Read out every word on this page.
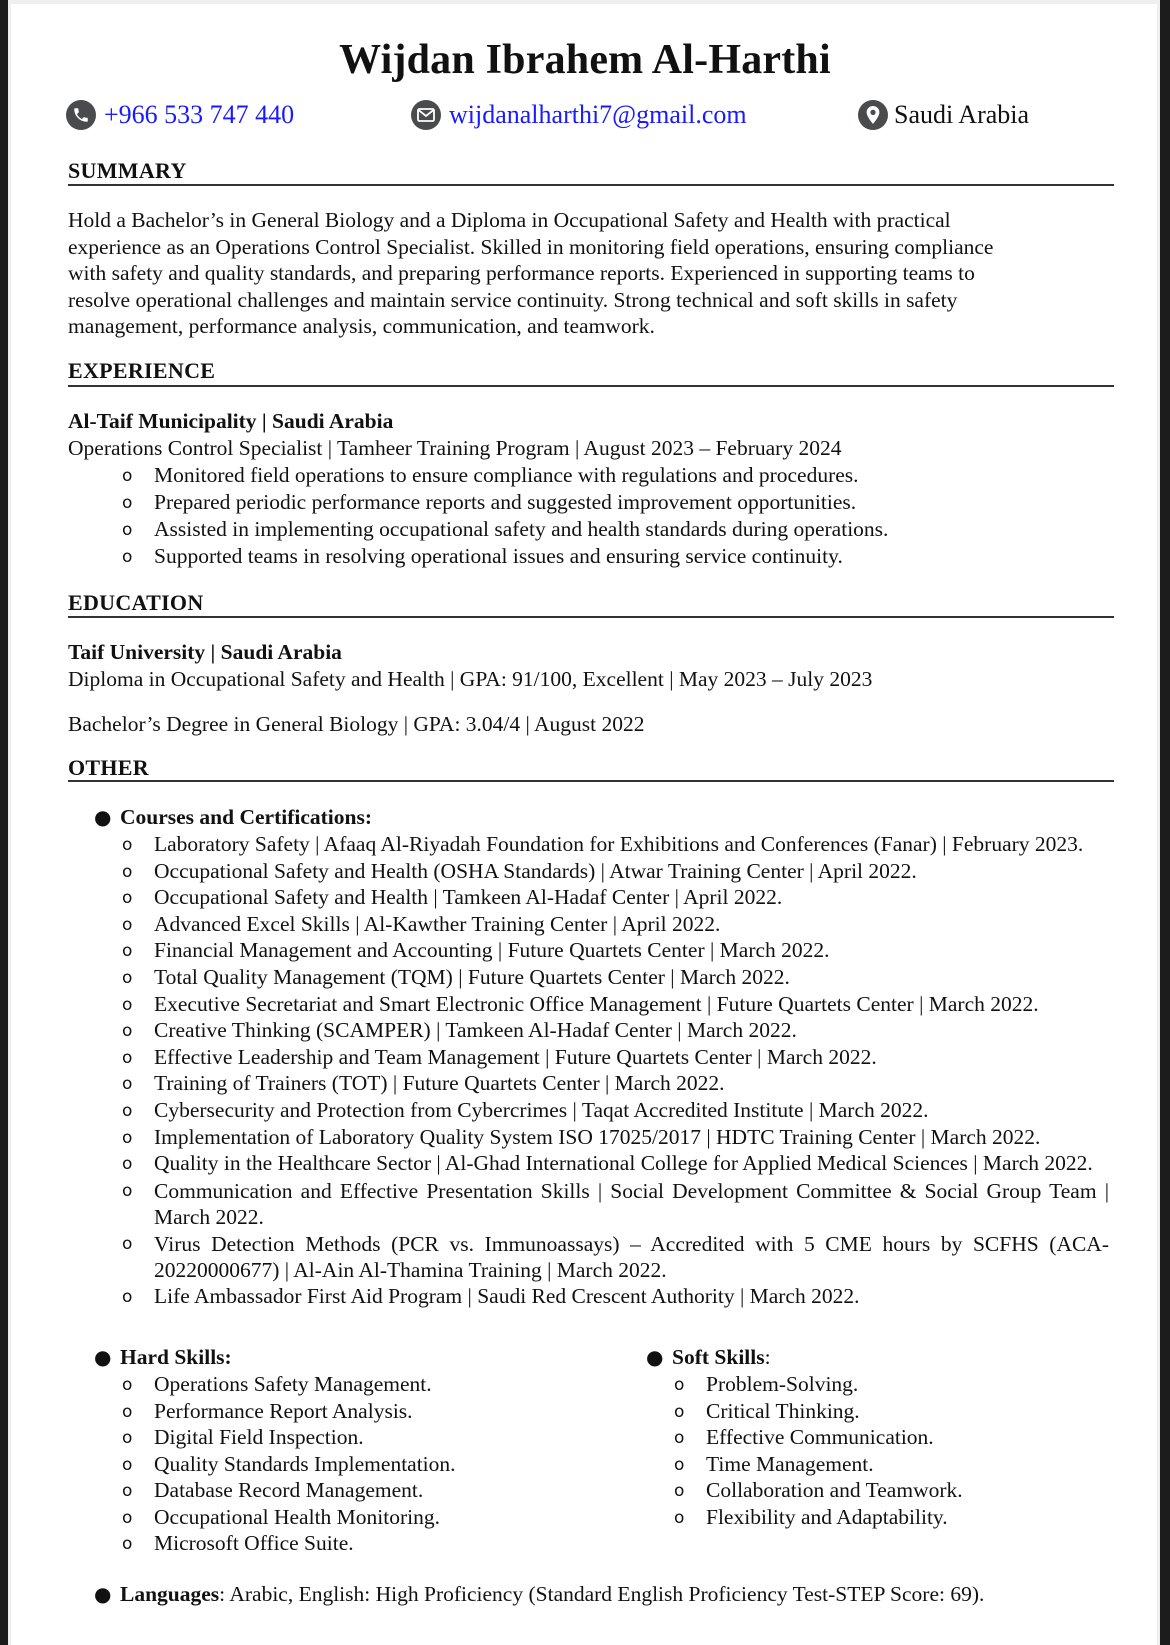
Wijdan Ibrahem Al-Harthi
+966 533 747 440	wijdanalharthi7@gmail.com	Saudi Arabia
SUMMARY
Hold a Bachelor’s in General Biology and a Diploma in Occupational Safety and Health with practical
experience as an Operations Control Specialist. Skilled in monitoring field operations, ensuring compliance
with safety and quality standards, and preparing performance reports. Experienced in supporting teams to
resolve operational challenges and maintain service continuity. Strong technical and soft skills in safety
management, performance analysis, communication, and teamwork.
EXPERIENCE
Al-Taif Municipality | Saudi Arabia
Operations Control Specialist | Tamheer Training Program | August 2023 – February 2024
o Monitored field operations to ensure compliance with regulations and procedures.
o Prepared periodic performance reports and suggested improvement opportunities.
o Assisted in implementing occupational safety and health standards during operations.
o Supported teams in resolving operational issues and ensuring service continuity.
EDUCATION
Taif University | Saudi Arabia
Diploma in Occupational Safety and Health | GPA: 91/100, Excellent | May 2023 – July 2023
Bachelor’s Degree in General Biology | GPA: 3.04/4 | August 2022
OTHER
● Courses and Certifications:
o Laboratory Safety | Afaaq Al-Riyadah Foundation for Exhibitions and Conferences (Fanar) | February 2023.
o Occupational Safety and Health (OSHA Standards) | Atwar Training Center | April 2022.
o Occupational Safety and Health | Tamkeen Al-Hadaf Center | April 2022.
o Advanced Excel Skills | Al-Kawther Training Center | April 2022.
o Financial Management and Accounting | Future Quartets Center | March 2022.
o Total Quality Management (TQM) | Future Quartets Center | March 2022.
o Executive Secretariat and Smart Electronic Office Management | Future Quartets Center | March 2022.
o Creative Thinking (SCAMPER) | Tamkeen Al-Hadaf Center | March 2022.
o Effective Leadership and Team Management | Future Quartets Center | March 2022.
o Training of Trainers (TOT) | Future Quartets Center | March 2022.
o Cybersecurity and Protection from Cybercrimes | Taqat Accredited Institute | March 2022.
o Implementation of Laboratory Quality System ISO 17025/2017 | HDTC Training Center | March 2022.
o Quality in the Healthcare Sector | Al-Ghad International College for Applied Medical Sciences | March 2022.
o Communication and Effective Presentation Skills | Social Development Committee & Social Group Team | March 2022.
o Virus Detection Methods (PCR vs. Immunoassays) – Accredited with 5 CME hours by SCFHS (ACA-20220000677) | Al-Ain Al-Thamina Training | March 2022.
o Life Ambassador First Aid Program | Saudi Red Crescent Authority | March 2022.
● Hard Skills:
o Operations Safety Management.
o Performance Report Analysis.
o Digital Field Inspection.
o Quality Standards Implementation.
o Database Record Management.
o Occupational Health Monitoring.
o Microsoft Office Suite.
● Soft Skills:
o Problem-Solving.
o Critical Thinking.
o Effective Communication.
o Time Management.
o Collaboration and Teamwork.
o Flexibility and Adaptability.
● Languages: Arabic, English: High Proficiency (Standard English Proficiency Test-STEP Score: 69).
